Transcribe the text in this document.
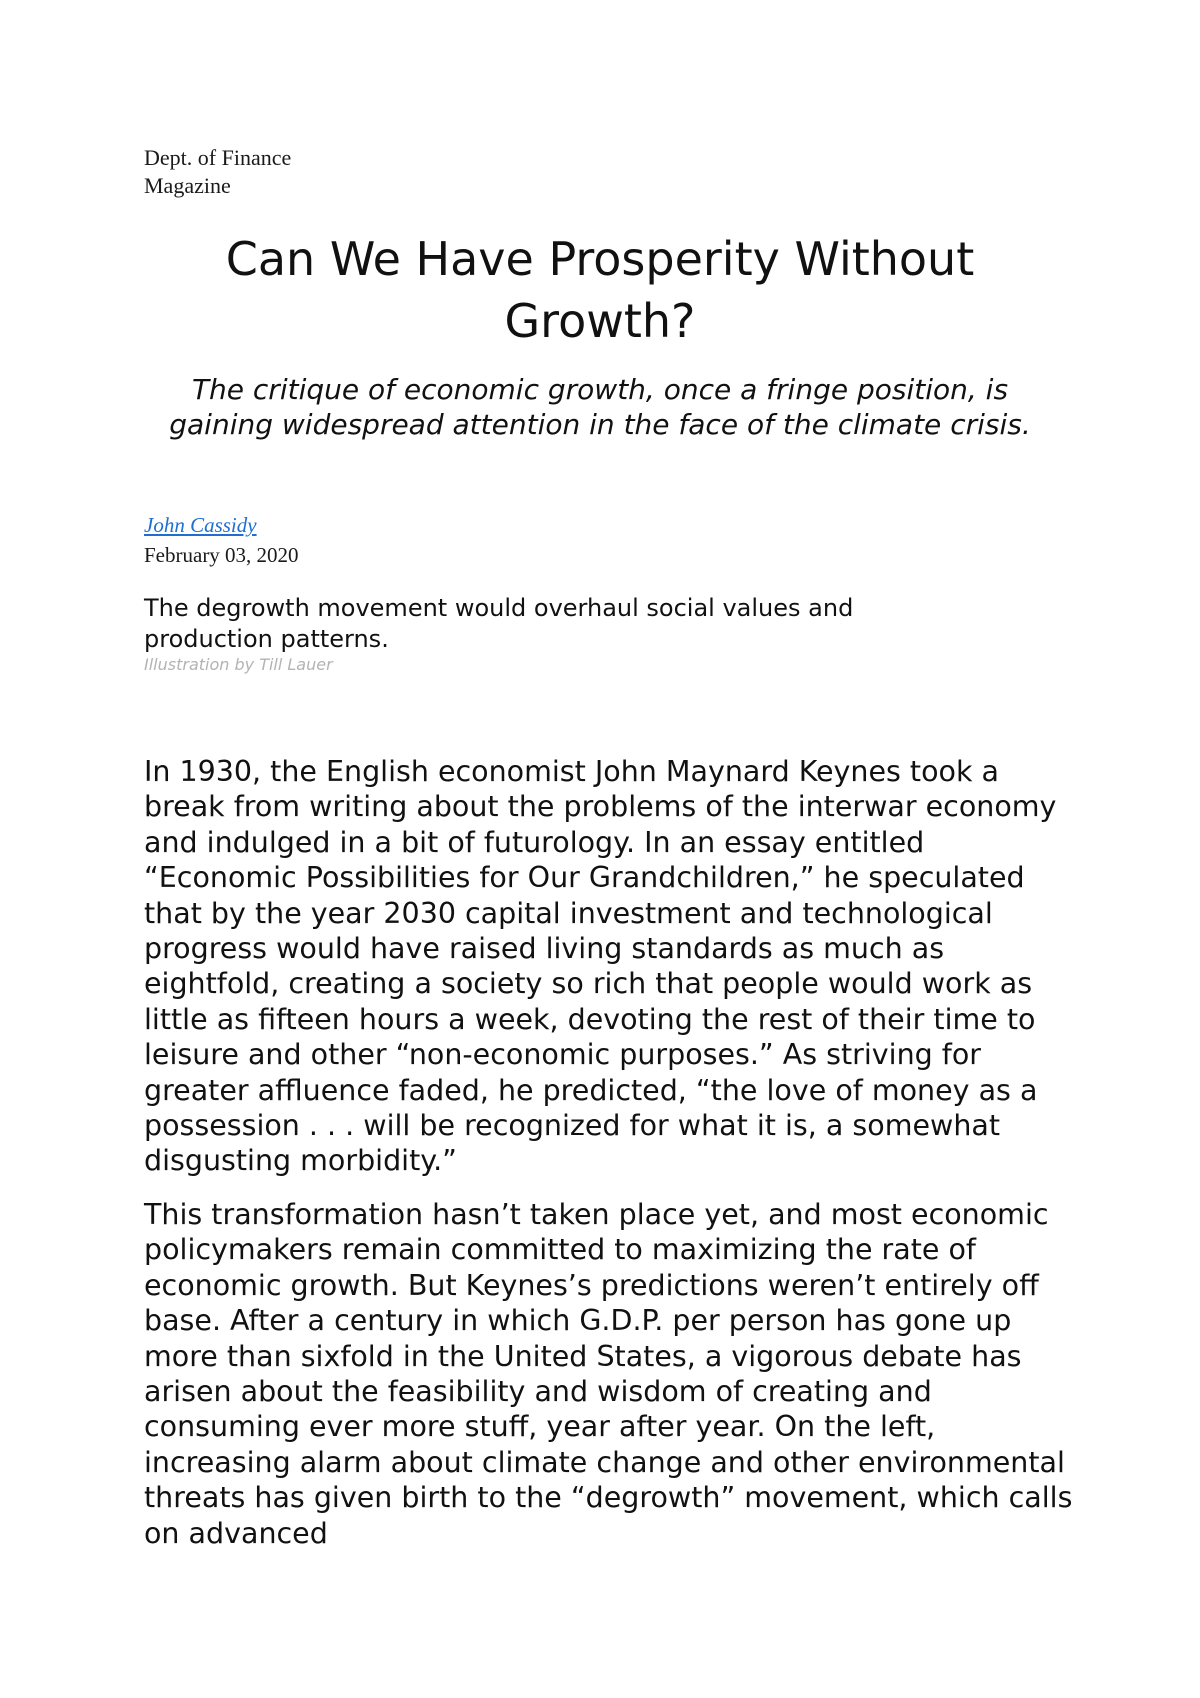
Dept. of Finance
Magazine
Can We Have Prosperity Without Growth?

The critique of economic growth, once a fringe position, is gaining widespread attention in the face of the climate crisis.

John Cassidy
February 03, 2020
The degrowth movement would overhaul social values and production patterns.
Illustration by Till Lauer

In 1930, the English economist John Maynard Keynes took a break from writing about the problems of the interwar economy and indulged in a bit of futurology. In an essay entitled “Economic Possibilities for Our Grandchildren,” he speculated that by the year 2030 capital investment and technological progress would have raised living standards as much as eightfold, creating a society so rich that people would work as little as fifteen hours a week, devoting the rest of their time to leisure and other “non-economic purposes.” As striving for greater affluence faded, he predicted, “the love of money as a possession . . . will be recognized for what it is, a somewhat disgusting morbidity.”

This transformation hasn’t taken place yet, and most economic policymakers remain committed to maximizing the rate of economic growth. But Keynes’s predictions weren’t entirely off base. After a century in which G.D.P. per person has gone up more than sixfold in the United States, a vigorous debate has arisen about the feasibility and wisdom of creating and consuming ever more stuff, year after year. On the left, increasing alarm about climate change and other environmental threats has given birth to the “degrowth” movement, which calls on advanced
